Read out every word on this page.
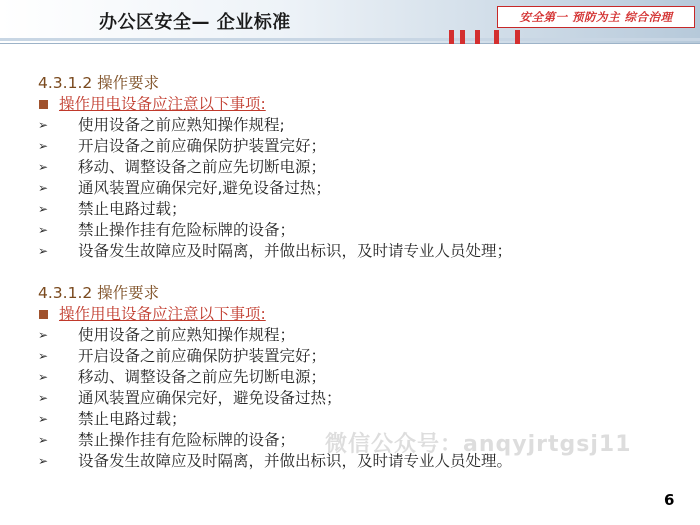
办公区安全— 企业标准	安全第一 预防为主 综合治理

4.3.1.2 操作要求

操作用电设备应注意以下事项:

➢	使用设备之前应熟知操作规程;

➢	开启设备之前应确保防护装置完好；

➢	移动、调整设备之前应先切断电源；

➢	通风装置应确保完好,避免设备过热；

➢	禁止电路过载；

➢	禁止操作挂有危险标牌的设备；

➢	设备发生故障应及时隔离，并做出标识，及时请专业人员处理；

4.3.1.2 操作要求

操作用电设备应注意以下事项:

➢	使用设备之前应熟知操作规程；

➢	开启设备之前应确保防护装置完好；

➢	移动、调整设备之前应先切断电源；

➢	通风装置应确保完好，避免设备过热；

➢	禁止电路过载；

➢	禁止操作挂有危险标牌的设备；

➢	设备发生故障应及时隔离，并做出标识，及时请专业人员处理。

微信公众号：anqyjrtgsj11
6
